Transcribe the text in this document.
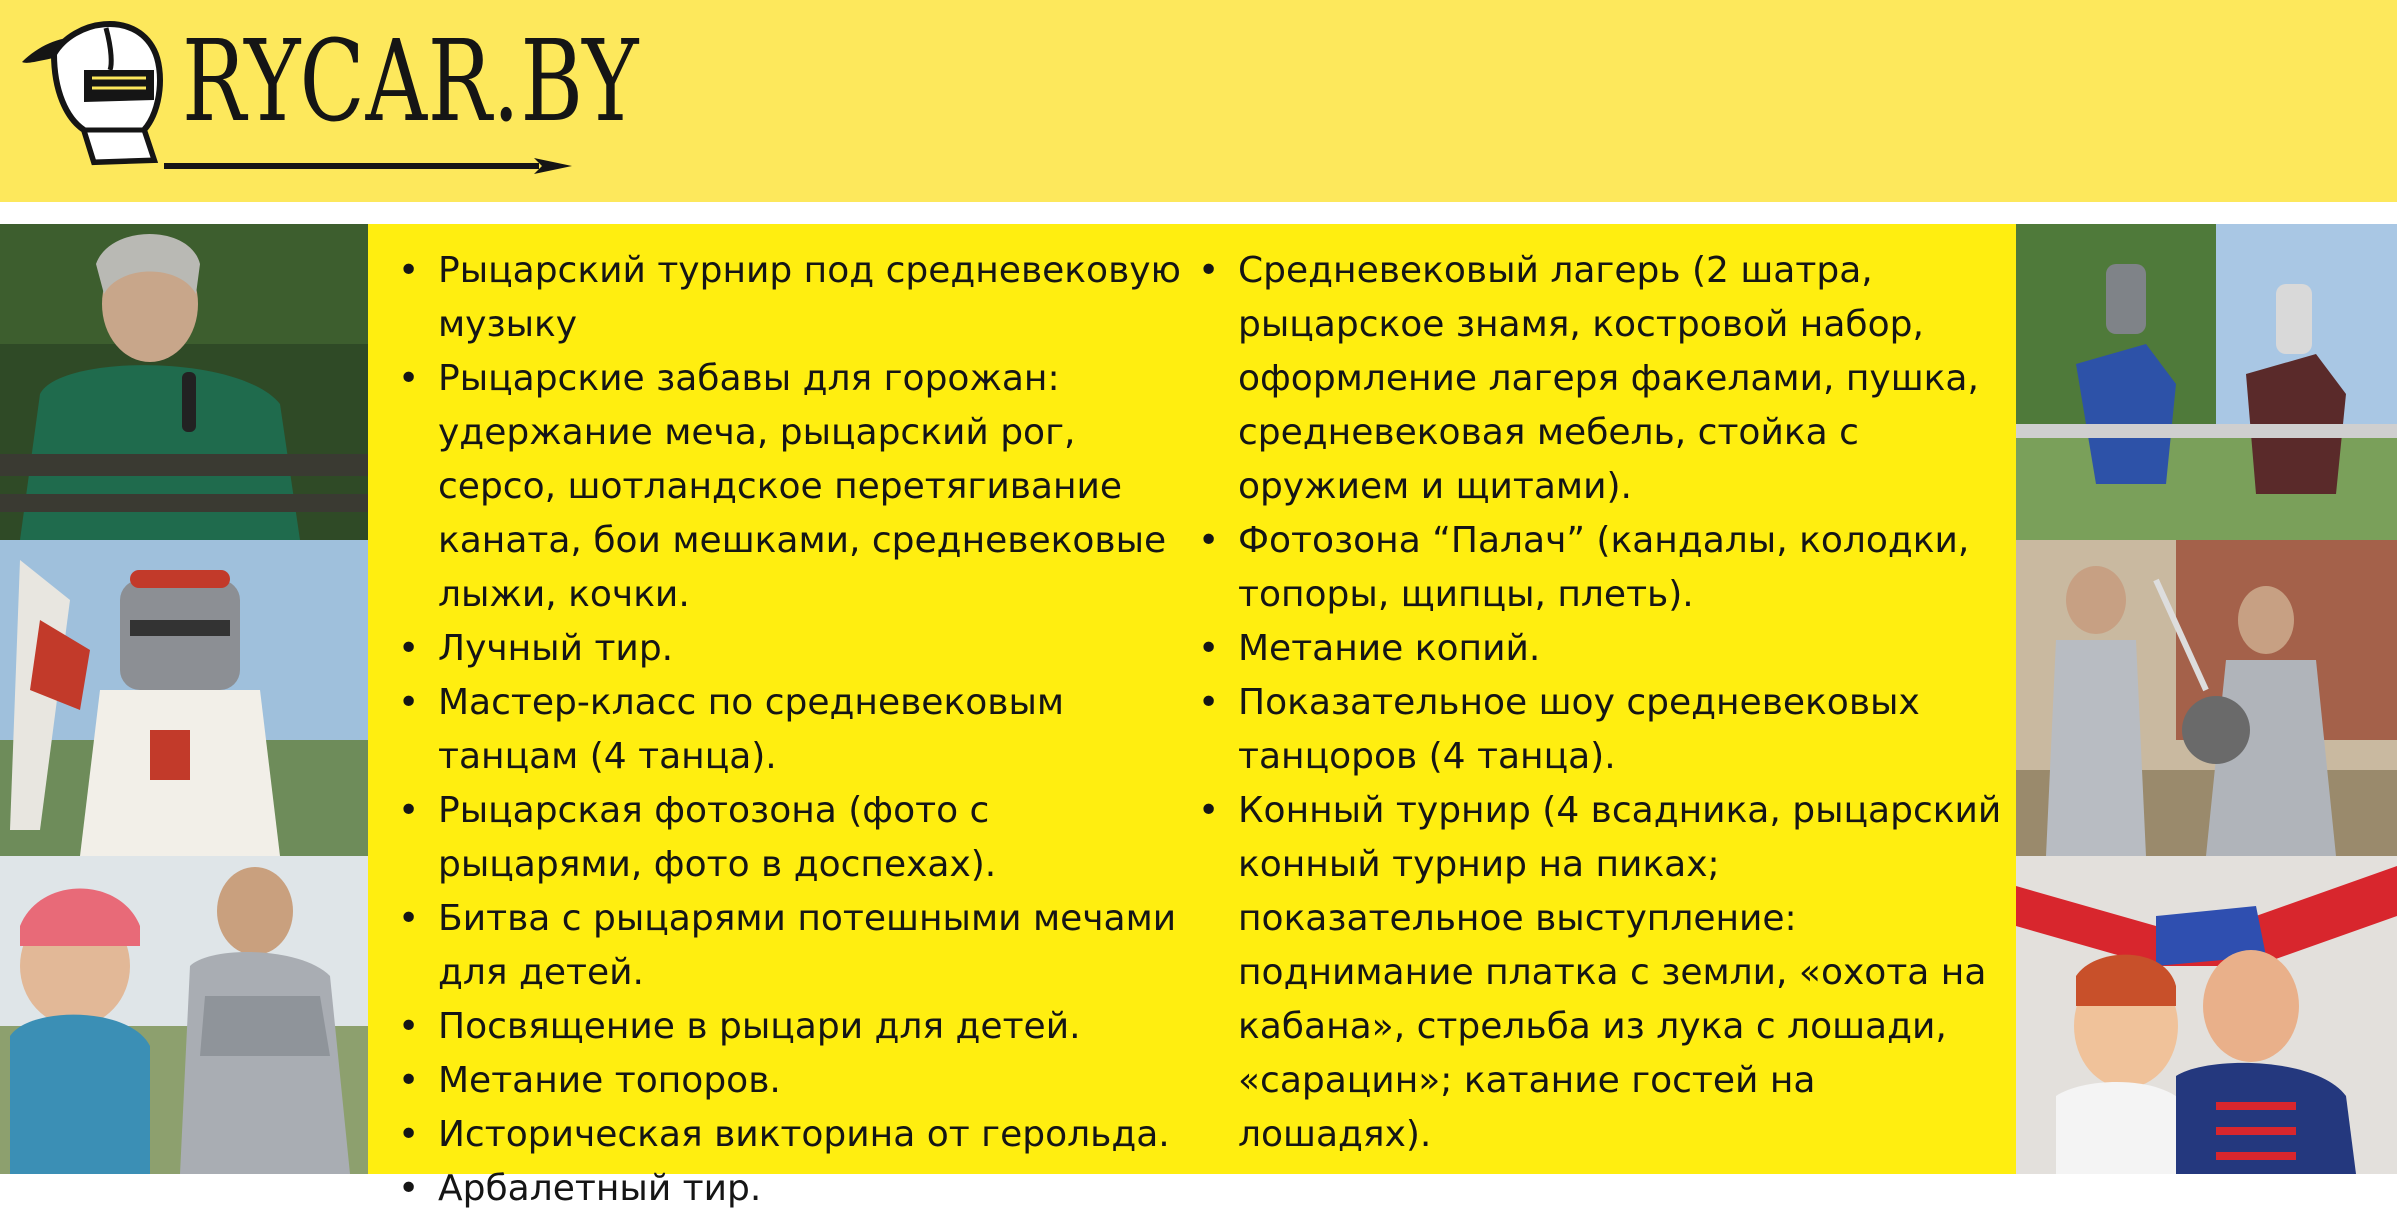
RYCAR.BY
• Рыцарский турнир под средневековую музыку
• Рыцарские забавы для горожан: удержание меча, рыцарский рог, серсо, шотландское перетягивание каната, бои мешками, средневековые лыжи, кочки.
• Лучный тир.
• Мастер-класс по средневековым танцам (4 танца).
• Рыцарская фотозона (фото с рыцарями, фото в доспехах).
• Битва с рыцарями потешными мечами для детей.
• Посвящение в рыцари для детей.
• Метание топоров.
• Историческая викторина от герольда.
• Арбалетный тир.
• Средневековый лагерь (2 шатра, рыцарское знамя, костровой набор, оформление лагеря факелами, пушка, средневековая мебель, стойка с оружием и щитами).
• Фотозона “Палач” (кандалы, колодки, топоры, щипцы, плеть).
• Метание копий.
• Показательное шоу средневековых танцоров (4 танца).
• Конный турнир (4 всадника, рыцарский конный турнир на пиках; показательное выступление: поднимание платка с земли, «охота на кабана», стрельба из лука с лошади, «сарацин»; катание гостей на лошадях).
